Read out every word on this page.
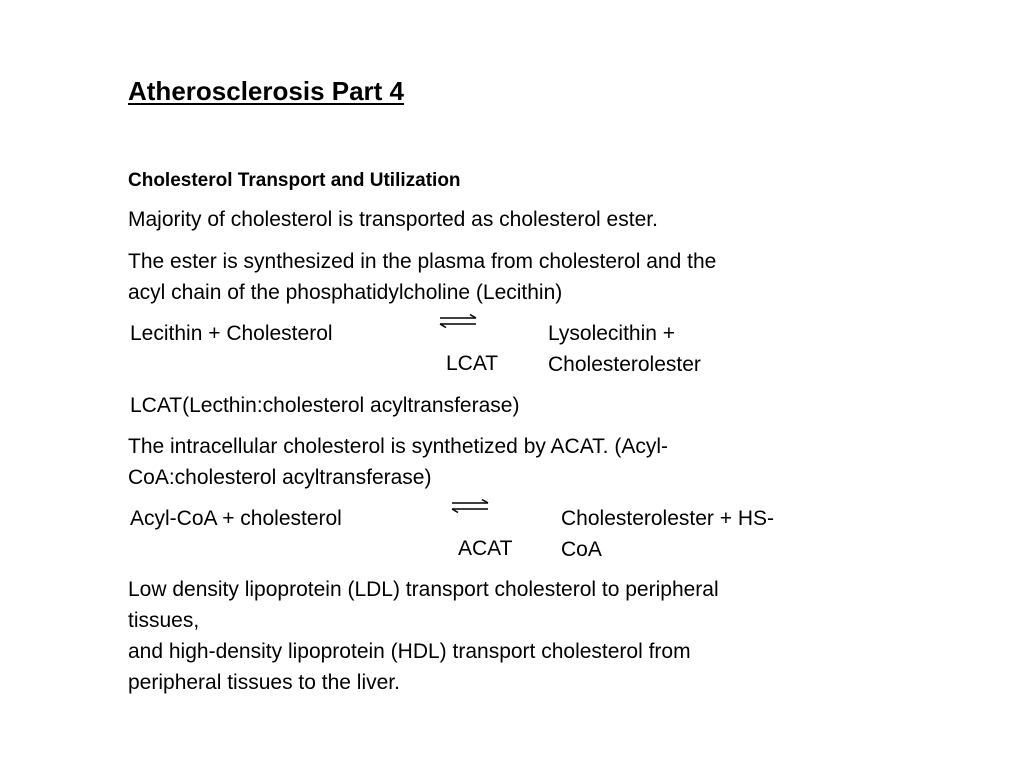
Atherosclerosis Part 4
Cholesterol Transport and Utilization
Majority of cholesterol is transported as cholesterol ester.
The ester is synthesized in the plasma from cholesterol and the
acyl chain of the phosphatidylcholine (Lecithin)
Lecithin + Cholesterol
LCAT
Lysolecithin +
Cholesterolester
LCAT(Lecthin:cholesterol acyltransferase)
The intracellular cholesterol is synthetized by ACAT. (Acyl-
CoA:cholesterol acyltransferase)
Acyl-CoA + cholesterol
ACAT
Cholesterolester + HS-
CoA
Low density lipoprotein (LDL) transport cholesterol to peripheral
tissues,
and high-density lipoprotein (HDL) transport cholesterol from
peripheral tissues to the liver.
